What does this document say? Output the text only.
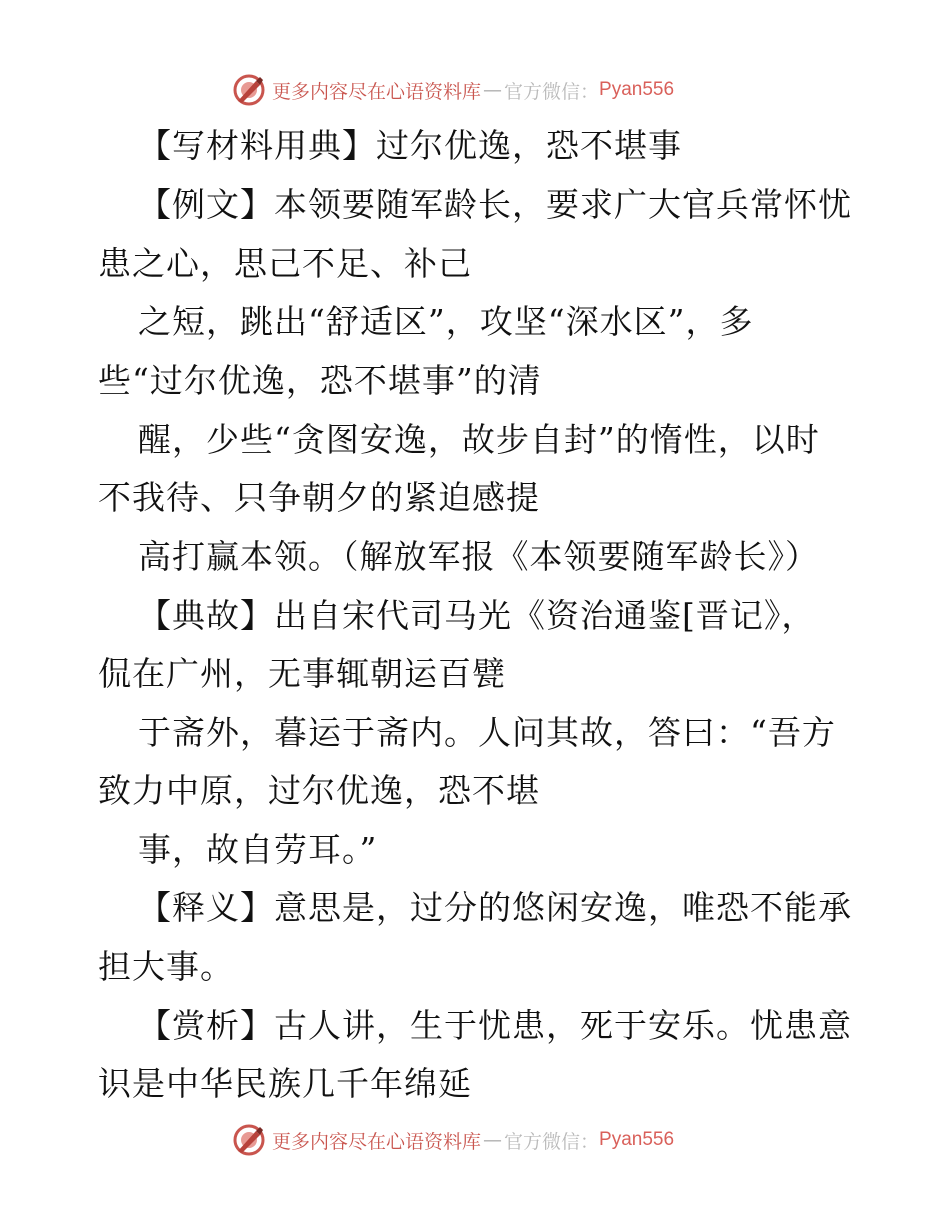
更多内容尽在心语资料库 — 官方微信： Pyan556
【写材料用典】过尔优逸，恐不堪事
【例文】本领要随军龄长，要求广大官兵常怀忧
患之心，思己不足、补己
之短，跳出“舒适区”，攻坚“深水区”，多
些“过尔优逸，恐不堪事”的清
醒，少些“贪图安逸，故步自封”的惰性，以时
不我待、只争朝夕的紧迫感提
高打赢本领。（解放军报《本领要随军龄长》）
【典故】出自宋代司马光《资治通鉴[晋记》，
侃在广州，无事辄朝运百甓
于斋外，暮运于斋内。人问其故，答曰：“吾方
致力中原，过尔优逸，恐不堪
事，故自劳耳。”
【释义】意思是，过分的悠闲安逸，唯恐不能承
担大事。
【赏析】古人讲，生于忧患，死于安乐。忧患意
识是中华民族几千年绵延
更多内容尽在心语资料库 — 官方微信： Pyan556
